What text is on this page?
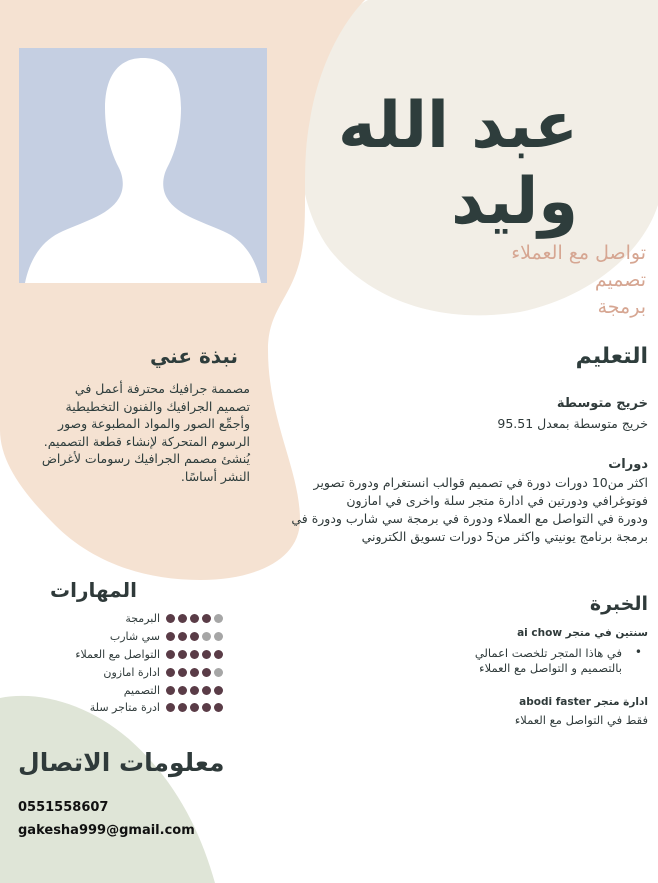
عبد الله
وليد
تواصل مع العملاء
تصميم
برمجة
نبذة عني
مصممة جرافيك محترفة أعمل في تصميم الجرافيك والفنون التخطيطية وأجمِّع الصور والمواد المطبوعة وصور الرسوم المتحركة لإنشاء قطعة التصميم. يُنشئ مصمم الجرافيك رسومات لأغراض النشر أساسًا.
التعليم
خريج متوسطة
خريج متوسطة بمعدل 95.51
دورات
اكثر من10 دورات دورة في تصميم قوالب انستغرام ودورة تصوير
فوتوغرافي ودورتين في ادارة متجر سلة واخرى في امازون
ودورة في التواصل مع العملاء ودورة في برمجة سي شارب ودورة في
برمجة برنامج يونيتي واكثر من5 دورات تسويق الكتروني
المهارات
البرمجة
سي شارب
التواصل مع العملاء
ادارة امازون
التصميم
ادرة متاجر سلة
الخبرة
سنتين في متجر ai chow
•
في هاذا المتجر تلخصت اعمالي بالتصميم و التواصل مع العملاء
ادارة متجر abodi faster
فقط في التواصل مع العملاء
معلومات الاتصال
0551558607
gakesha999@gmail.com
